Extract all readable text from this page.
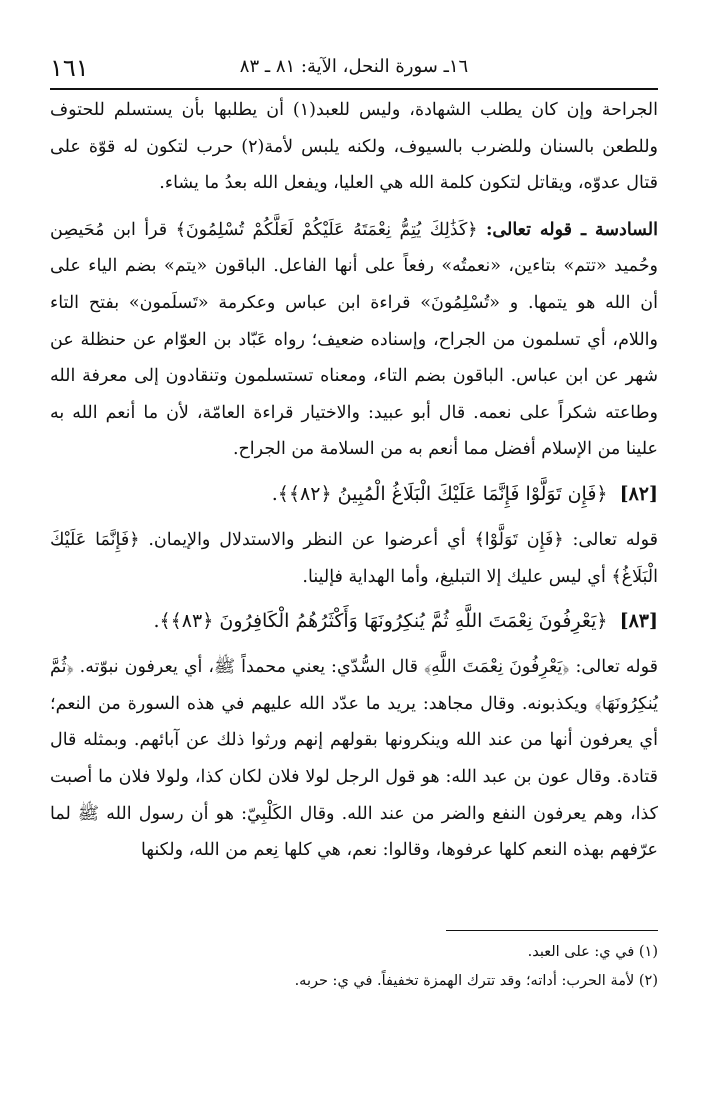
١٦١	١٦ـ سورة النحل، الآية: ٨١ ـ ٨٣

الجراحة وإن كان يطلب الشهادة، وليس للعبد(١) أن يطلبها بأن يستسلم للحتوف وللطعن بالسنان وللضرب بالسيوف، ولكنه يلبس لأمة(٢) حرب لتكون له قوّة على قتال عدوّه، ويقاتل لتكون كلمة الله هي العليا، ويفعل الله بعدُ ما يشاء.

السادسة ـ قوله تعالى: ﴿كَذَٰلِكَ يُتِمُّ نِعْمَتَهُ عَلَيْكُمْ لَعَلَّكُمْ تُسْلِمُونَ﴾ قرأ ابن مُحَيصِن وحُميد «تتم» بتاءين، «نعمتُه» رفعاً على أنها الفاعل. الباقون «يتم» بضم الياء على أن الله هو يتمها. و «تُسْلِمُونَ» قراءة ابن عباس وعكرمة «تَسلَمون» بفتح التاء واللام، أي تسلمون من الجراح، وإسناده ضعيف؛ رواه عَبّاد بن العوّام عن حنظلة عن شهر عن ابن عباس. الباقون بضم التاء، ومعناه تستسلمون وتنقادون إلى معرفة الله وطاعته شكراً على نعمه. قال أبو عبيد: والاختيار قراءة العامّة، لأن ما أنعم الله به علينا من الإسلام أفضل مما أنعم به من السلامة من الجراح.

[٨٢] ﴿فَإِن تَوَلَّوْا فَإِنَّمَا عَلَيْكَ الْبَلَاغُ الْمُبِينُ ﴿٨٢﴾﴾.

قوله تعالى: ﴿فَإِن تَوَلَّوْا﴾ أي أعرضوا عن النظر والاستدلال والإيمان. ﴿فَإِنَّمَا عَلَيْكَ الْبَلَاغُ﴾ أي ليس عليك إلا التبليغ، وأما الهداية فإلينا.

[٨٣] ﴿يَعْرِفُونَ نِعْمَتَ اللَّهِ ثُمَّ يُنكِرُونَهَا وَأَكْثَرُهُمُ الْكَافِرُونَ ﴿٨٣﴾﴾.

قوله تعالى: ﴿يَعْرِفُونَ نِعْمَتَ اللَّهِ﴾ قال السُّدّي: يعني محمداً ﷺ، أي يعرفون نبوّته. ﴿ثُمَّ يُنكِرُونَهَا﴾ ويكذبونه. وقال مجاهد: يريد ما عدّد الله عليهم في هذه السورة من النعم؛ أي يعرفون أنها من عند الله وينكرونها بقولهم إنهم ورثوا ذلك عن آبائهم. وبمثله قال قتادة. وقال عون بن عبد الله: هو قول الرجل لولا فلان لكان كذا، ولولا فلان ما أصبت كذا، وهم يعرفون النفع والضر من عند الله. وقال الكَلْبِيّ: هو أن رسول الله ﷺ لما عرّفهم بهذه النعم كلها عرفوها، وقالوا: نعم، هي كلها نِعم من الله، ولكنها

(١) في ي: على العبد.
(٢) لأمة الحرب: أداته؛ وقد تترك الهمزة تخفيفاً. في ي: حربه.
